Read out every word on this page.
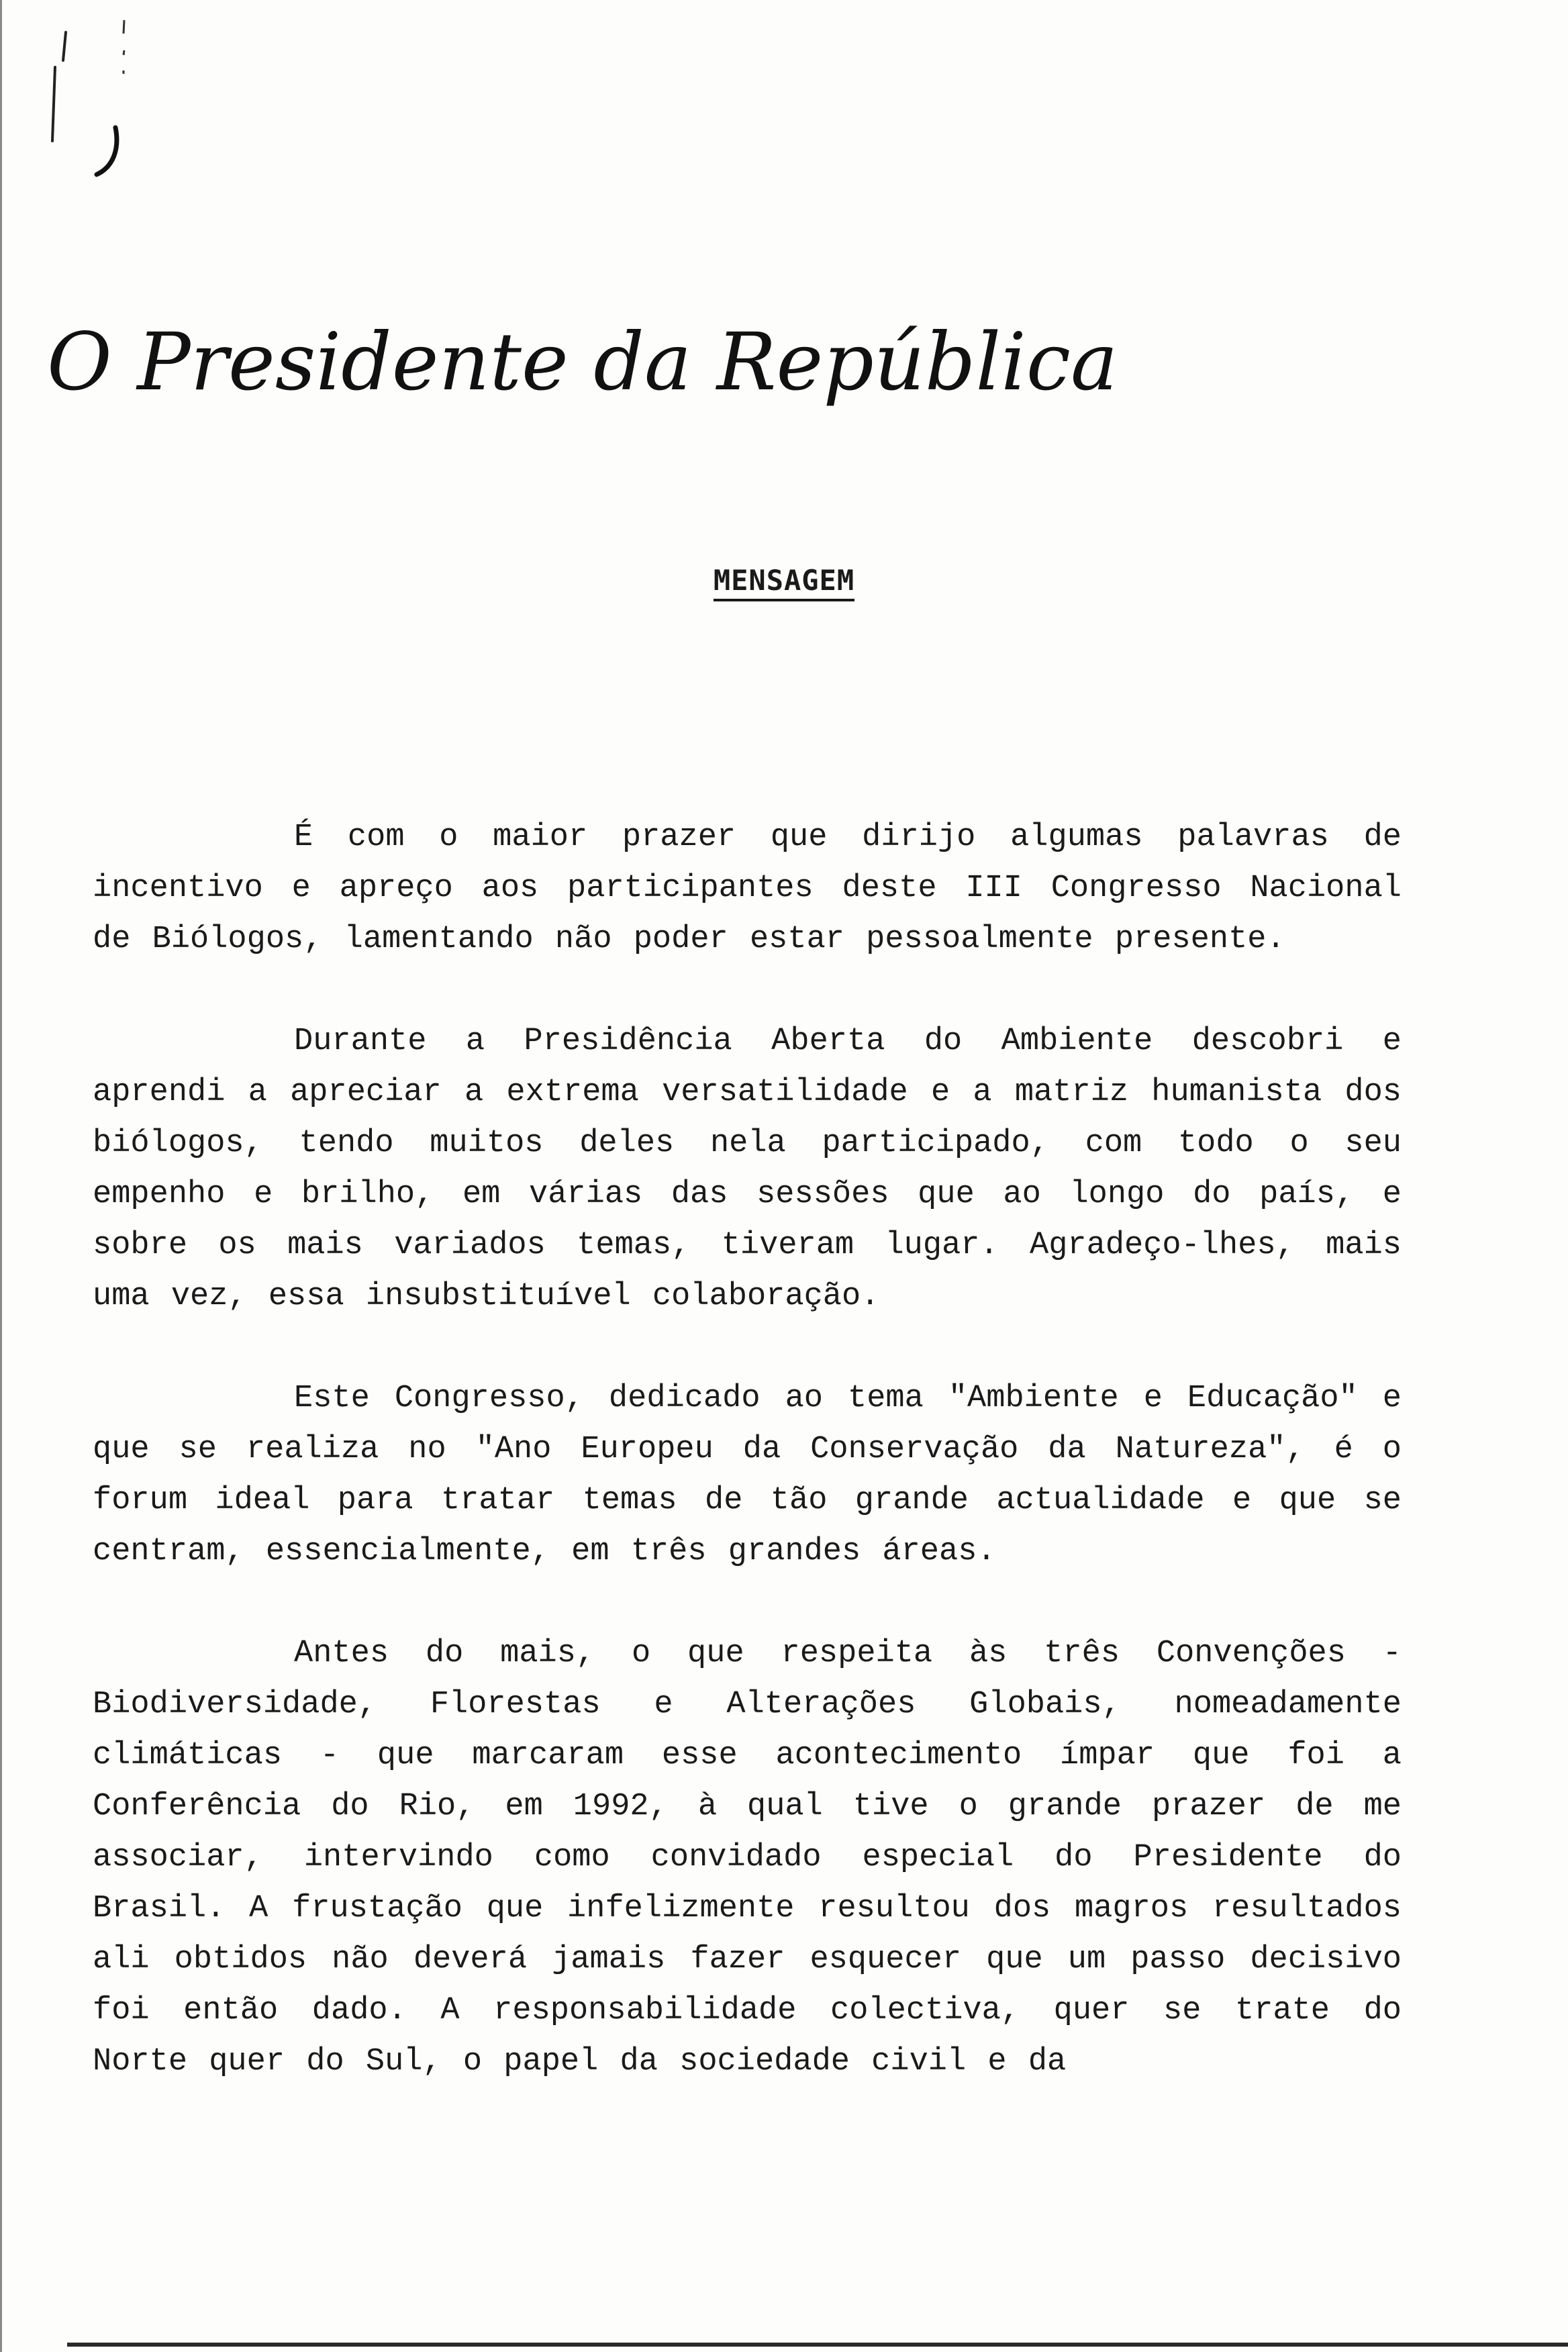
O Presidente da República
MENSAGEM

É com o maior prazer que dirijo algumas palavras de incentivo e apreço aos participantes deste III Congresso Nacional de Biólogos, lamentando não poder estar pessoalmente presente.

Durante a Presidência Aberta do Ambiente descobri e aprendi a apreciar a extrema versatilidade e a matriz humanista dos biólogos, tendo muitos deles nela participado, com todo o seu empenho e brilho, em várias das sessões que ao longo do país, e sobre os mais variados temas, tiveram lugar. Agradeço-lhes, mais uma vez, essa insubstituível colaboração.

Este Congresso, dedicado ao tema "Ambiente e Educação" e que se realiza no "Ano Europeu da Conservação da Natureza", é o forum ideal para tratar temas de tão grande actualidade e que se centram, essencialmente, em três grandes áreas.

Antes do mais, o que respeita às três Convenções - Biodiversidade, Florestas e Alterações Globais, nomeadamente climáticas - que marcaram esse acontecimento ímpar que foi a Conferência do Rio, em 1992, à qual tive o grande prazer de me associar, intervindo como convidado especial do Presidente do Brasil. A frustação que infelizmente resultou dos magros resultados ali obtidos não deverá jamais fazer esquecer que um passo decisivo foi então dado. A responsabilidade colectiva, quer se trate do Norte quer do Sul, o papel da sociedade civil e da
